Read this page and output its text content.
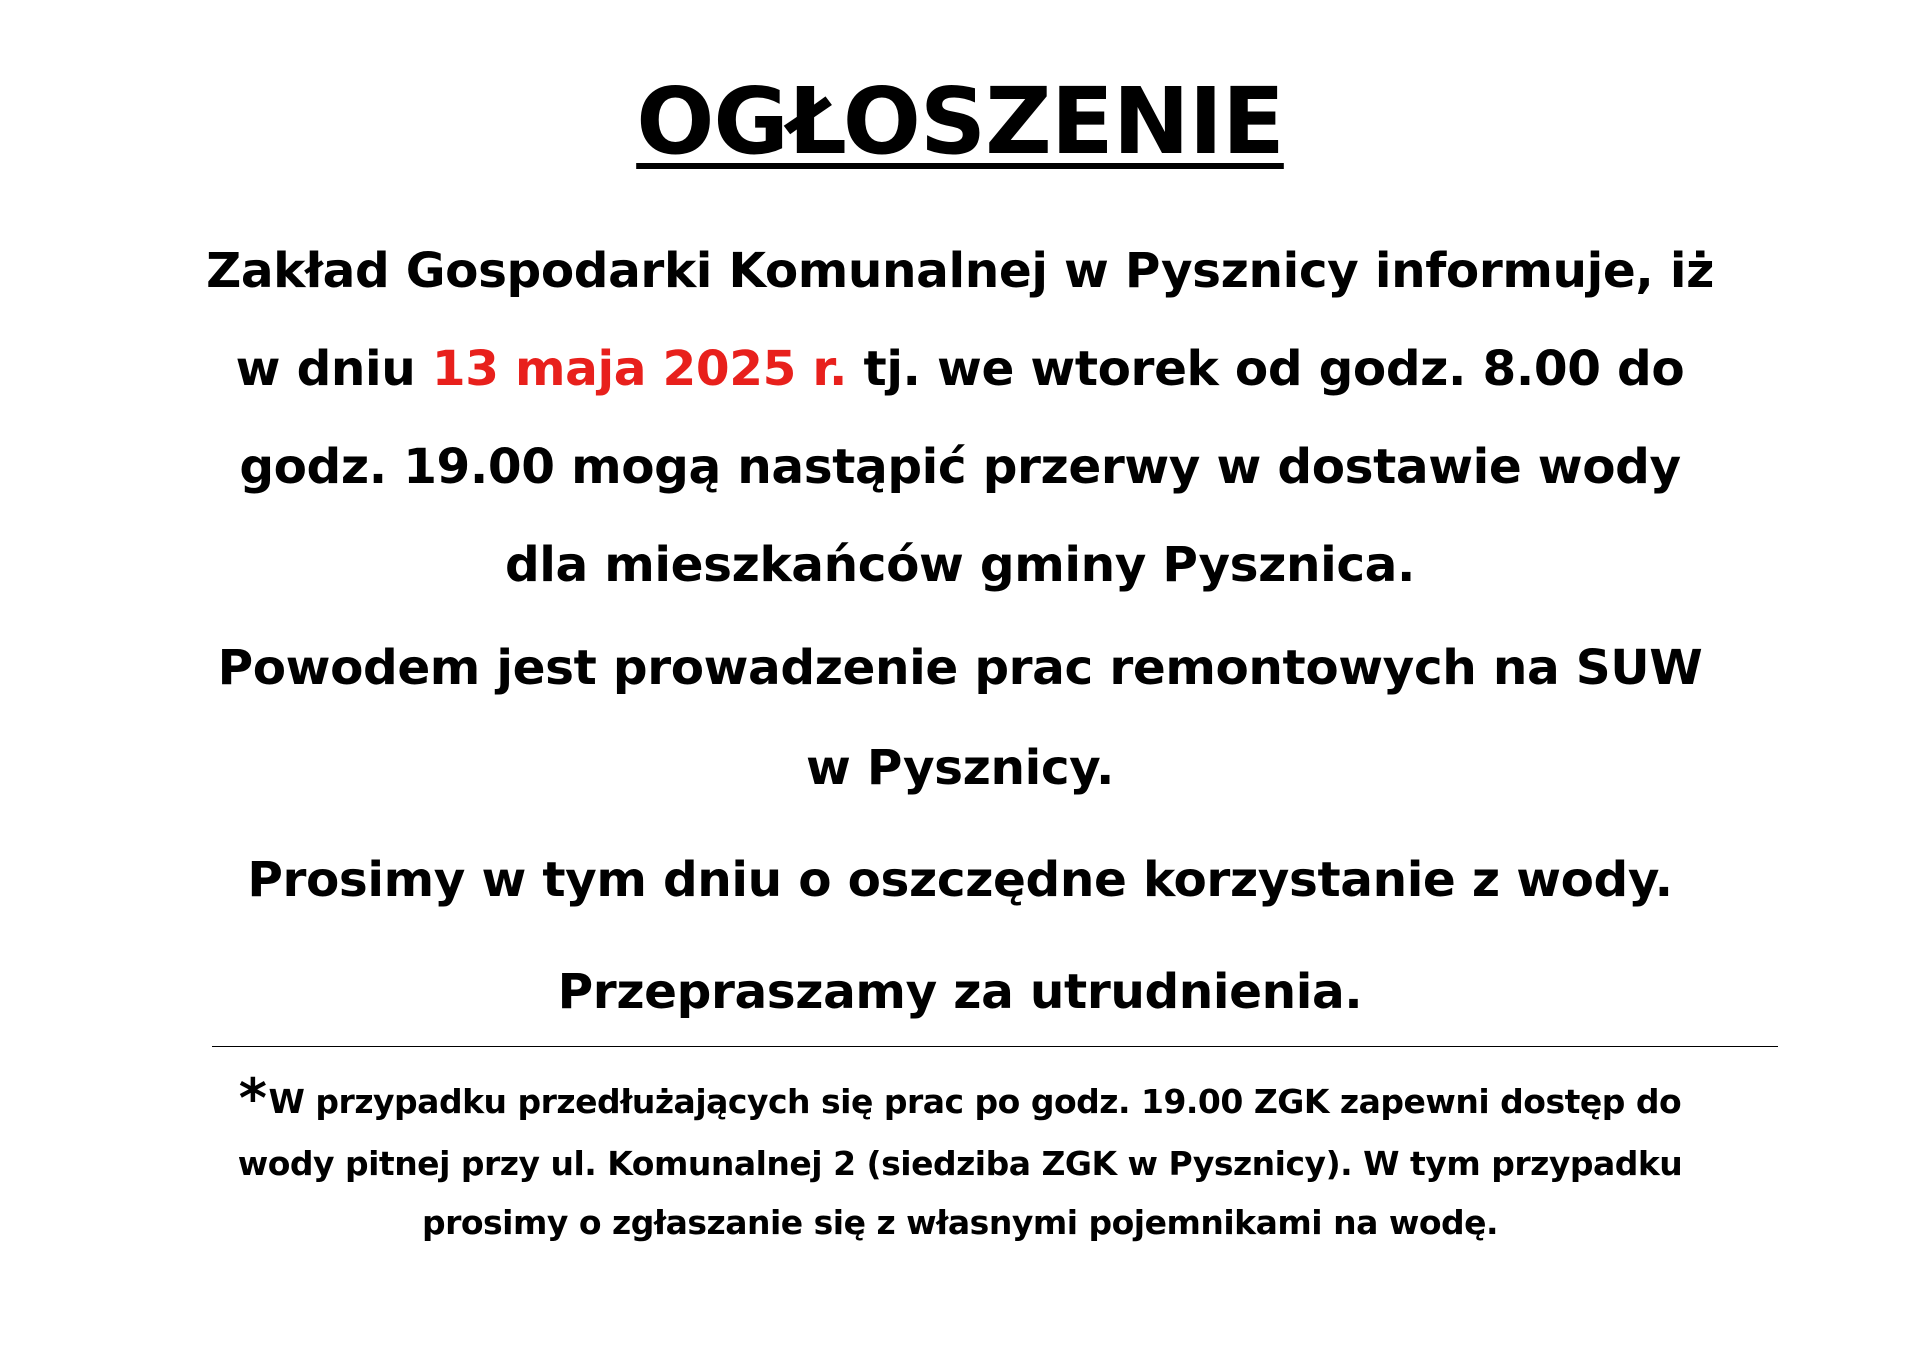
OGŁOSZENIE
Zakład Gospodarki Komunalnej w Pysznicy informuje, iż
w dniu 13 maja 2025 r. tj. we wtorek od godz. 8.00 do
godz. 19.00 mogą nastąpić przerwy w dostawie wody
dla mieszkańców gminy Pysznica.
Powodem jest prowadzenie prac remontowych na SUW
w Pysznicy.
Prosimy w tym dniu o oszczędne korzystanie z wody.
Przepraszamy za utrudnienia.
*W przypadku przedłużających się prac po godz. 19.00 ZGK zapewni dostęp do
wody pitnej przy ul. Komunalnej 2 (siedziba ZGK w Pysznicy). W tym przypadku
prosimy o zgłaszanie się z własnymi pojemnikami na wodę.
